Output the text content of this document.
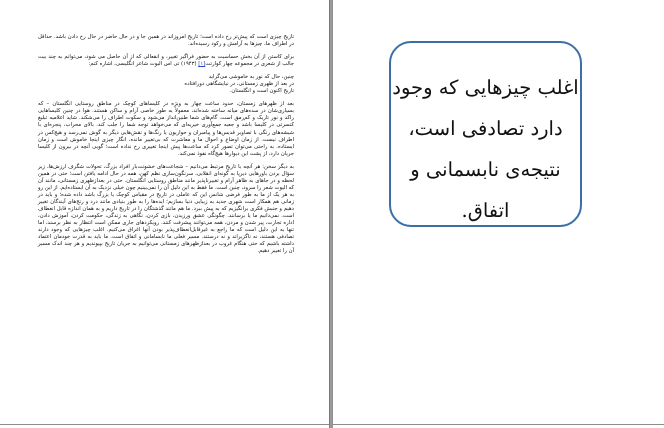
تاریخ چیزی است که پیش‌تر رخ داده است؛ تاریخ امروز‌اند در همین جا و در حال حاضر در حال رخ دادن باشد. حداقل در اطراف ما، چیزها به آرامش و رکود رسیده‌اند.

برای کاستن از آن بخش حساسیت به حضور فراگیر تغییر، و انفعالی که از آن حاصل می شود، می‌توانم به چند بیت جالب از شعری در مجموعه چهار کوارتت[۱] (۱۹۴۳) تی اس الیوت شاعر انگلیسی، اشاره کنم:

چنین، حال که نور به خاموشی می‌گراید
در بعد از ظهری زمستانی، در نیایشگاهی دورافتاده
تاریخ اکنون است و انگلستان.

بعد از ظهرهای زمستان، حدود ساعت چهار به ویژه در کلیساهای کوچک در مناطق روستایی انگلستان – که بسیاری‌شان در سده‌های میانه ساخته شده‌اند، معمولاً به طور خاصی آرام و ساکن هستند. هوا در چنین کلیساهایی راکد و نور تاریک و کم‌رمق است. گام‌های شما طنین‌انداز می‌شود و سکوت اطراف را می‌شکند. شاید اعلامیه تبلیغ کنسرتی در کلیسا باشد و جعبه جمع‌آوری خیریه‌ای که می‌خواهد توجه شما را جلب کند. بالای محراب، پنجره‌ای با شیشه‌های رنگی با تصاویر قدیس‌ها و پیامبران و حواریون یا رنگ‌ها و نقش‌هایی دیگر به گوش نمی‌رسد و هیچ‌کس در اطراف نیست. از زمان اوضاع و احوال ما و معاشرت که بی‌تغییر مانده، انگار چیزی اینجا خاموش است و زمان ایستاده. به راحتی می‌توان تصور کرد که ساعت‌ها پیش اینجا تغییری رخ نداده است؛ گویی آنچه در بیرون از کلیسا جریان دارد، از پشت این دیوارها هیچ‌گاه نفوذ نمی‌کند.

به دیگر سخن: هر آنچه با تاریخ مرتبط می‌دانیم – شجاعت‌های خشونت‌بار افراد بزرگ، تحولات شگرف ارزش‌ها، زیر سؤال بردن باورهایی دیرپا به گونه‌ای انقلابی، سرنگون‌سازی نظم کهن، همه در حال ادامه یافتن است؛ حتی در همین لحظه و در جاهای به ظاهر آرام و تغییرناپذیر مانند مناطق روستایی انگلستان. حتی در بعدازظهری زمستانی، مانند آن که الیوت شعر را سرود، چنین است. ما فقط به این دلیل آن را نمی‌بینیم چون خیلی نزدیک به آن ایستاده‌ایم. از این رو به هر یک از ما به طور فرضی شانس این که عاملی در تاریخ در مقیاس کوچک یا بزرگ باشد داده شده؛ و باید در زمانی هم همکار است شهری جدید به زیبایی دنیا بسازیم؛ ایده‌ها را به طور بنیادی مانند درد و رنج‌های آیندگان تغییر دهیم و جنبش فکری برانگیزیم که به پیش ببرد. ما هم مانند گذشتگان را در تاریخ داریم و به همان اندازه قابل انعطاف است. نمی‌دانیم ما یا برسانند. چگونگی عشق ورزیدن، بازی کردن، نگاهی به زندگی، حکومت کردن، آموزش دادن، اداره تجارت، پیر شدن و مردن، همه می‌توانند پیشرفت کنند. رویکردهای جاری ممکن است انتظار به نظر برسند، اما تنها به این دلیل است که ما راجع به غیرقابل‌انعطاف‌پذیر بودن آنها اغراق می‌کنیم. اغلب چیزهایی که وجود دارند تصادفی هستند، نه ناگزیراند و نه درستند. مسیر فعلی ما نابسامانی و اتفاق است. ما باید به قدرت خودمان اعتماد داشته باشیم که حتی هنگام غروب در بعدازظهرهای زمستانی می‌توانیم به جریان تاریخ بپیوندیم و هر چند اندک مسیر آن را تغییر دهیم.

اغلب چیزهایی که وجود
دارد تصادفی است،
نتیجه‌ی نابسمانی و اتفاق.
